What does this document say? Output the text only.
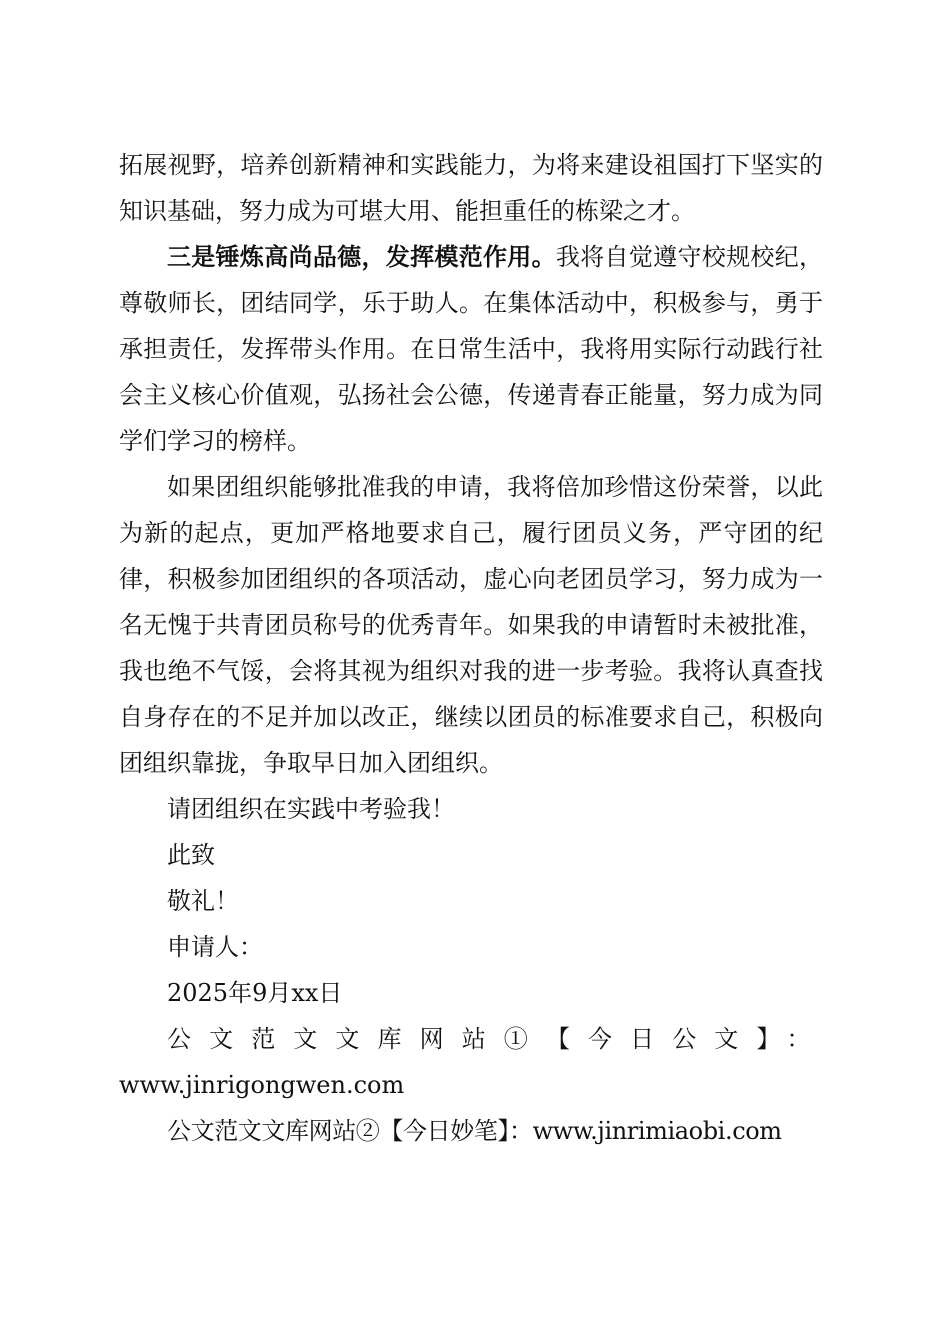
拓展视野，培养创新精神和实践能力，为将来建设祖国打下坚实的知识基础，努力成为可堪大用、能担重任的栋梁之才。

三是锤炼高尚品德，发挥模范作用。我将自觉遵守校规校纪，尊敬师长，团结同学，乐于助人。在集体活动中，积极参与，勇于承担责任，发挥带头作用。在日常生活中，我将用实际行动践行社会主义核心价值观，弘扬社会公德，传递青春正能量，努力成为同学们学习的榜样。

如果团组织能够批准我的申请，我将倍加珍惜这份荣誉，以此为新的起点，更加严格地要求自己，履行团员义务，严守团的纪律，积极参加团组织的各项活动，虚心向老团员学习，努力成为一名无愧于共青团员称号的优秀青年。如果我的申请暂时未被批准，我也绝不气馁，会将其视为组织对我的进一步考验。我将认真查找自身存在的不足并加以改正，继续以团员的标准要求自己，积极向团组织靠拢，争取早日加入团组织。

请团组织在实践中考验我！

此致

敬礼！

申请人：

2025年9月xx日

公文范文文库网站①【今日公文】：www.jinrigongwen.com

公文范文文库网站②【今日妙笔】：www.jinrimiaobi.com
